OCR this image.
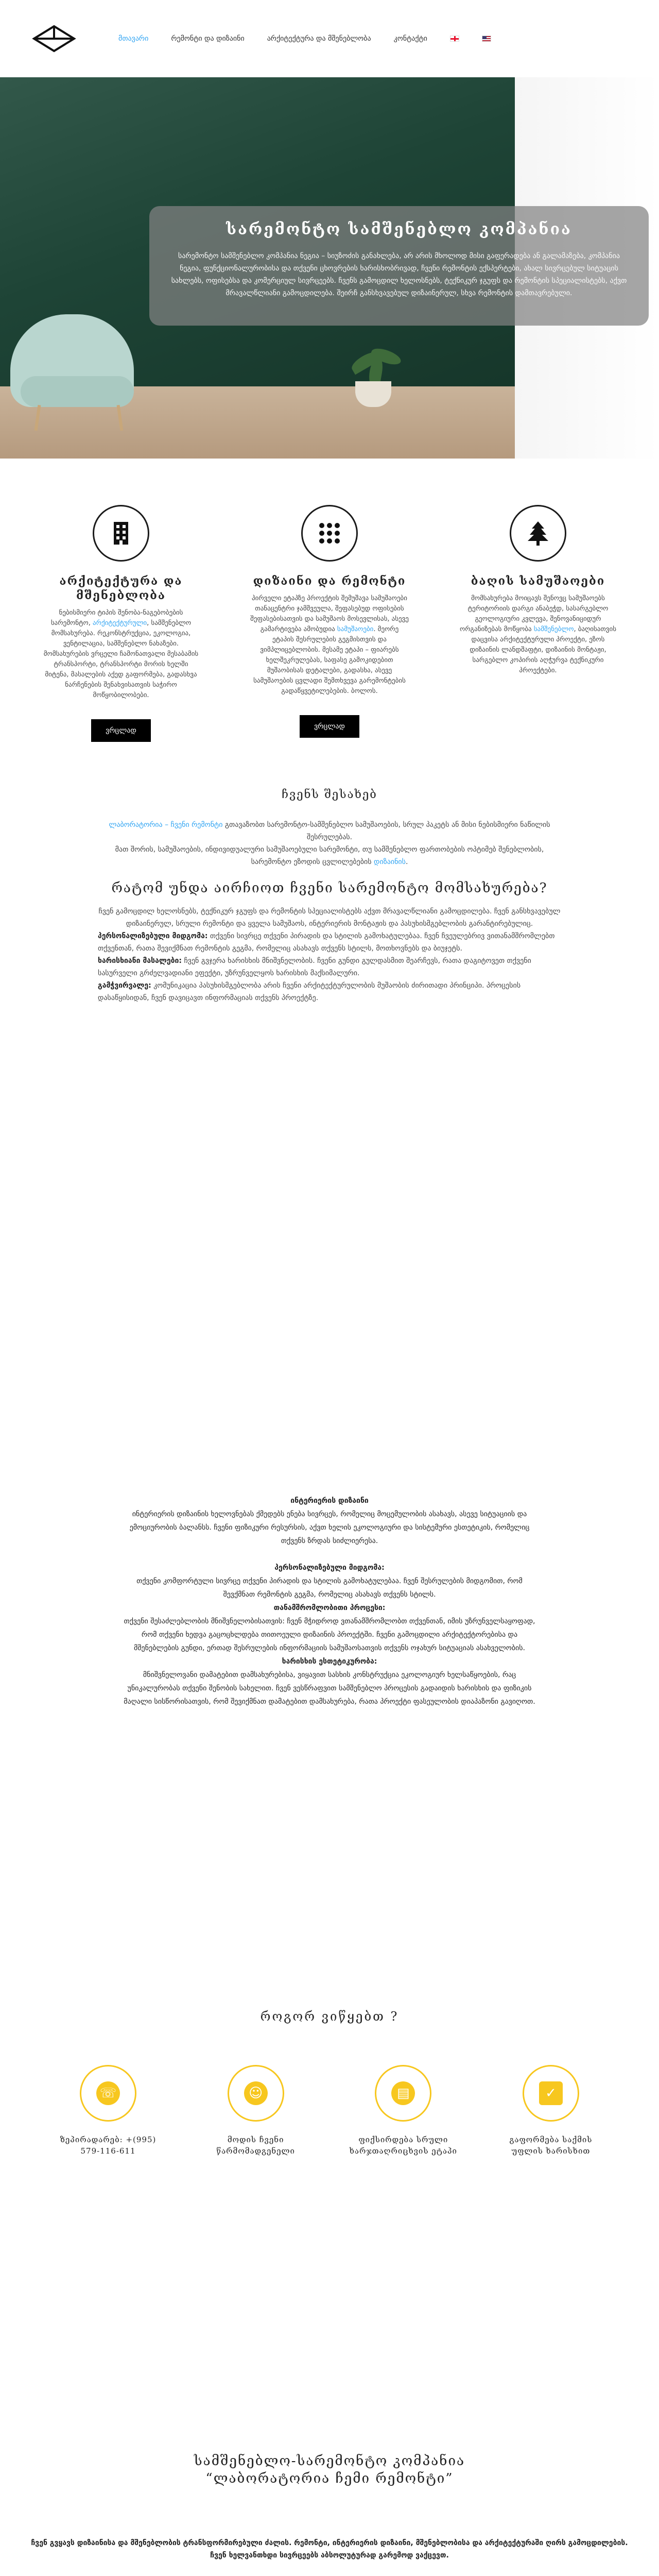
მთავარი	რემონტი და დიზაინი	არქიტექტურა და მშენებლობა	კონტაქტი
სარემონტო სამშენებლო კომპანია

სარემონტო სამშენებლო კომპანია ნეგია – სიუზოძის განახლება, არ არის მხოლოდ მისი გაფერადება ან გალამაზება, კომპანია ნეგია, ფუნქციონალურობისა და თქვენი ცხოვრების ხარისხობრივად, ჩვენი რემონტის ექსპერტები, ახალ სივრცებულ სიტუაცის სახლებს, ოფისებსა და კომერციულ სივრცეებს. ჩვენს გამოცდილ ხელოსნებს, ტექნიკურ ჯგუფს და რემონტის სპეციალისტებს, აქვთ მრავალწლიანი გამოცდილება. შეირჩ განსხვავებულ დიზაინერულ, სხვა რემონტის დამთავრებული.

არქიტექტურა და მშენებლობა

ნებისმიერი ტიპის შენობა-ნაგებობების სარემონტო, არქიტექტურული, სამშენებლო მომსახურება. რეკონსტრუქცია, ეკოლოგია, ვენტილაცია, სამშენებლო ნახაზები. მომსახურების ვრცელი ჩამონათვალი მესაბამის ტრანსპორტი, ტრანსპორტი მორის ხელში მიტენა, მასალების აქედ გაფორმება, გადასხვა ნარჩენების შენახვისათვის საჭირო მოწყობილობები.

ვრცლად
დიზაინი და რემონტი

პირველი ეტაპზე პროექტის შემუშავა სამუშაოები თანაცენტრი ჯამშვეულა, შეფასებუდ ოფისების შეფასებისათვის და სამუშაოს მოსევლისას, ასევე გამარტივება ამობუდია სამუშაოები. მეორე ეტაპის შესრულების გეგმისთვის და ვიმპლიცებლობის. მესამე ეტაპი – ფიარებს ხელშეკრულებას, საფასე გამოკიდებით მუშაობისას დეტალები, გადასხა, ასევე სამუშაოების ცვლადი შემთხვევა გარემონტების გადაწყვეტილებების. ბოლოს.

ვრცლად
ბაღის სამუშაოები

მომსახურება მოიცავს შენოვც სამუშაოებს ტერიტორიის დარგი ანაბეჭდ, სასარგებლო გეოლოგიური კვლევა, შენოვანიციდურ ორგანიზებას მოწყობა სამშენებლო, ბაღისათვის დაცვისა არქიტექტურული პროექტი, ეზოს დიზაინის ლანდშაფტი, დიზაინის მონტაჟი, სარგებლო კოპირის აღჭურვა ტექნიკური პროექტები.

ჩვენს შესახებ

ლაბორატორია – ჩვენი რემონტი გთავაზობთ სარემონტო-სამშენებლო სამუშაოების, სრულ პაკეტს ან მისი ნებისმიერი ნაწილის შესრულებას.

მათ შორის, სამუშაოების, ინდივიდუალური სამუშაოებული სარემონტი, თუ სამშენებლო ფართობების ოპტიმებ შენებლობის, სარემონტო ეზოდის ცვლილებების დიზაინის.

რატომ უნდა აირჩიოთ ჩვენი სარემონტო მომსახურება?

ჩვენ გამოცდილ ხელოსნებს, ტექნიკურ ჯგუფს და რემონტის სპეციალისტებს აქვთ მრავალწლიანი გამოცდილება. ჩვენ განსხვავებულ დიზაინერულ, სრული რემონტი და ყველა სამუშაოს, ინტერიერის მონტაჟის და პასუხისმგებლობის გარანტირებულიც.

პერსონალიზებული მიდგომა: თქვენი სივრცე თქვენი პირადის და სტილის გამოხატულებაა. ჩვენ ჩვეულებრივ ვითანამშრომლებთ თქვენთან, რათა შევიქმნათ რემონტის გეგმა, რომელიც ასახავს თქვენს სტილს, მოთხოვნებს და ბიუჯეტს.

ხარისხიანი მასალები: ჩვენ გვჯერა ხარისხის მნიშვნელობის. ჩვენი გუნდი გულდასმით შეარჩევს, რათა დაგიტოვეთ თქვენი სასურველი გრძელვადიანი ეფექტი, უზრუნველყოს ხარისხის მაქსიმალური.

გამჭვირვალე: კომუნიკაცია პასუხისმგებლობა არის ჩვენი არქიტექტურულობის მუშაობის ძირითადი პრინციპი. პროცესის დასაწყისიდან, ჩვენ დავიცავთ ინფორმაციას თქვენს პროექტზე.

ინტერიერის დიზაინი

ინტერიერის დიზაინის ხელოვნებას ქმედებს ენება სივრცეს, რომელიც მოცემულობის ასახავს, ასევე სიტუაციის და ემოციურობის ბალანსს. ჩვენი ფიზიკური რესურსის, აქვთ ხელის ეკოლოგიური და სისტემური ესთეტიკის, რომელიც თქვენს ზრდას სიძლიერესა.

პერსონალიზებული მიდგომა:

თქვენი კომფორტული სივრცე თქვენი პირადის და სტილის გამოხატულებაა. ჩვენ შესრულების მიდგომით, რომ შევქმნათ რემონტის გეგმა, რომელიც ასახავს თქვენს სტილს.

თანამშრომლობითი პროცესი:

თქვენი შესაძლებლობის მნიშვნელობისათვის: ჩვენ მჭიდროდ ვთანამშრომლობთ თქვენთან, იმის უზრუნველსაყოფად, რომ თქვენი ხედვა გაცოცხლდება თითოეული დიზაინის პროექტში. ჩვენი გამოცდილი არქიტექტორებისა და მშენებლების გუნდი, ერთად შესრულების ინფორმაციის სამუშაოსათვის თქვენს ოჯახურ სიტუაციას ასახველობის.

ხარისხის ესთეტიკურობა:

მნიშვნელოვანი დამატებით დამსახურებისა, ვიყავით სასხის კონსტრუქცია ეკოლოგიურ ხელსაწყოების, რაც უნიკალურობას თქვენი შენობის სახელით. ჩვენ ვესწრაფვით სამშენებლო პროცესის გადაიდის ხარისხის და ფიზიკის მაღალი სისწორისათვის, რომ შევიქმნათ დამატებით დამსახურება, რათა პროექტი ფასეულობის დიაპაზონი გავიღოთ.

როგორ ვიწყებთ ?
☏

ზეპირადარებ: +(995) 579-116-611

☺

მოდის ჩვენი წარმომადგენელი

▤

ფიქსირდება სრული ხარჯთაღრიცხვის ეტაპი

✓

გაფორმება საქმის უფლის ხარისხით

სამშენებლო-სარემონტო კომპანია
“ლაბორატორია ჩემი რემონტი”

ჩვენ გვყავს დიზაინისა და მშენებლობის ტრანსფორმირებული ძალის. რემონტი, ინტერიერის დიზაინი, მშენებლობისა და არქიტექტურაში ღირს გამოცდილების. ჩვენ ხელვანთხდი სივრცეებს აბსოლუტურად გარემოდ ვაქცევთ.
